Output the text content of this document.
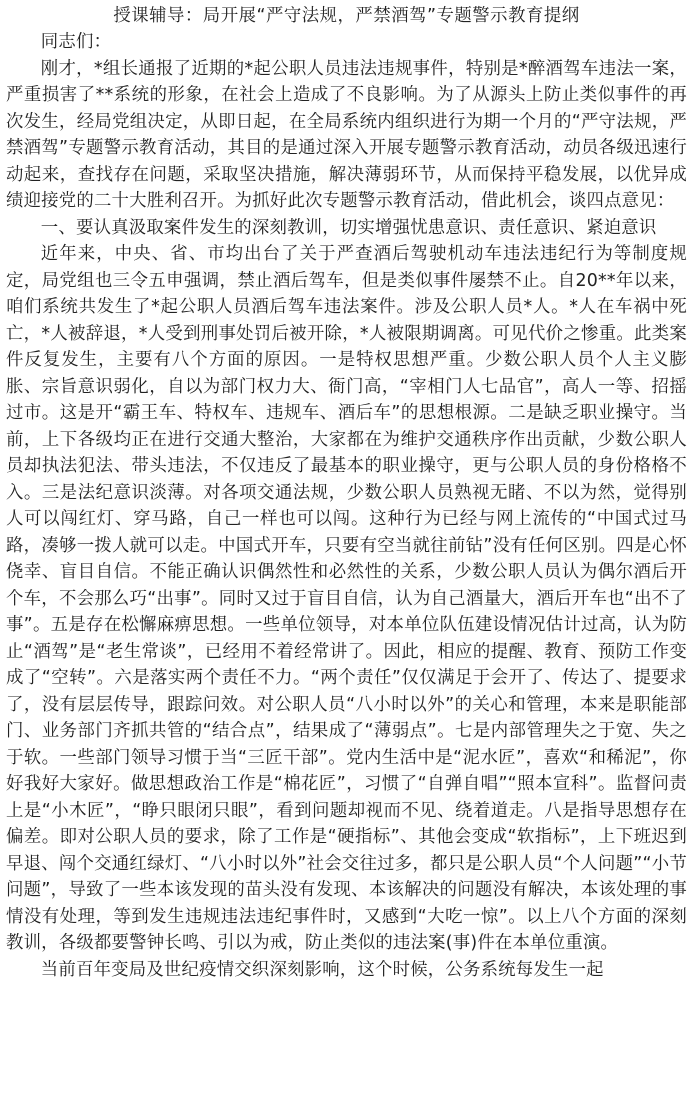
授课辅导：局开展“严守法规，严禁酒驾”专题警示教育提纲

同志们：

刚才，*组长通报了近期的*起公职人员违法违规事件，特别是*醉酒驾车违法一案，严重损害了**系统的形象，在社会上造成了不良影响。为了从源头上防止类似事件的再次发生，经局党组决定，从即日起，在全局系统内组织进行为期一个月的“严守法规，严禁酒驾”专题警示教育活动，其目的是通过深入开展专题警示教育活动，动员各级迅速行动起来，查找存在问题，采取坚决措施，解决薄弱环节，从而保持平稳发展，以优异成绩迎接党的二十大胜利召开。为抓好此次专题警示教育活动，借此机会，谈四点意见：

一、要认真汲取案件发生的深刻教训，切实增强忧患意识、责任意识、紧迫意识

近年来，中央、省、市均出台了关于严查酒后驾驶机动车违法违纪行为等制度规定，局党组也三令五申强调，禁止酒后驾车，但是类似事件屡禁不止。自20**年以来，咱们系统共发生了*起公职人员酒后驾车违法案件。涉及公职人员*人。*人在车祸中死亡，*人被辞退，*人受到刑事处罚后被开除，*人被限期调离。可见代价之惨重。此类案件反复发生，主要有八个方面的原因。一是特权思想严重。少数公职人员个人主义膨胀、宗旨意识弱化，自以为部门权力大、衙门高，“宰相门人七品官”，高人一等、招摇过市。这是开“霸王车、特权车、违规车、酒后车”的思想根源。二是缺乏职业操守。当前，上下各级均正在进行交通大整治，大家都在为维护交通秩序作出贡献，少数公职人员却执法犯法、带头违法，不仅违反了最基本的职业操守，更与公职人员的身份格格不入。三是法纪意识淡薄。对各项交通法规，少数公职人员熟视无睹、不以为然，觉得别人可以闯红灯、穿马路，自己一样也可以闯。这种行为已经与网上流传的“中国式过马路，凑够一拨人就可以走。中国式开车，只要有空当就往前钻”没有任何区别。四是心怀侥幸、盲目自信。不能正确认识偶然性和必然性的关系，少数公职人员认为偶尔酒后开个车，不会那么巧“出事”。同时又过于盲目自信，认为自己酒量大，酒后开车也“出不了事”。五是存在松懈麻痹思想。一些单位领导，对本单位队伍建设情况估计过高，认为防止“酒驾”是“老生常谈”，已经用不着经常讲了。因此，相应的提醒、教育、预防工作变成了“空转”。六是落实两个责任不力。“两个责任”仅仅满足于会开了、传达了、提要求了，没有层层传导，跟踪问效。对公职人员“八小时以外”的关心和管理，本来是职能部门、业务部门齐抓共管的“结合点”，结果成了“薄弱点”。七是内部管理失之于宽、失之于软。一些部门领导习惯于当“三匠干部”。党内生活中是“泥水匠”，喜欢“和稀泥”，你好我好大家好。做思想政治工作是“棉花匠”，习惯了“自弹自唱”“照本宣科”。监督问责上是“小木匠”，“睁只眼闭只眼”，看到问题却视而不见、绕着道走。八是指导思想存在偏差。即对公职人员的要求，除了工作是“硬指标”、其他会变成“软指标”，上下班迟到早退、闯个交通红绿灯、“八小时以外”社会交往过多，都只是公职人员“个人问题”“小节问题”，导致了一些本该发现的苗头没有发现、本该解决的问题没有解决，本该处理的事情没有处理，等到发生违规违法违纪事件时，又感到“大吃一惊”。以上八个方面的深刻教训，各级都要警钟长鸣、引以为戒，防止类似的违法案(事)件在本单位重演。

当前百年变局及世纪疫情交织深刻影响，这个时候，公务系统每发生一起
